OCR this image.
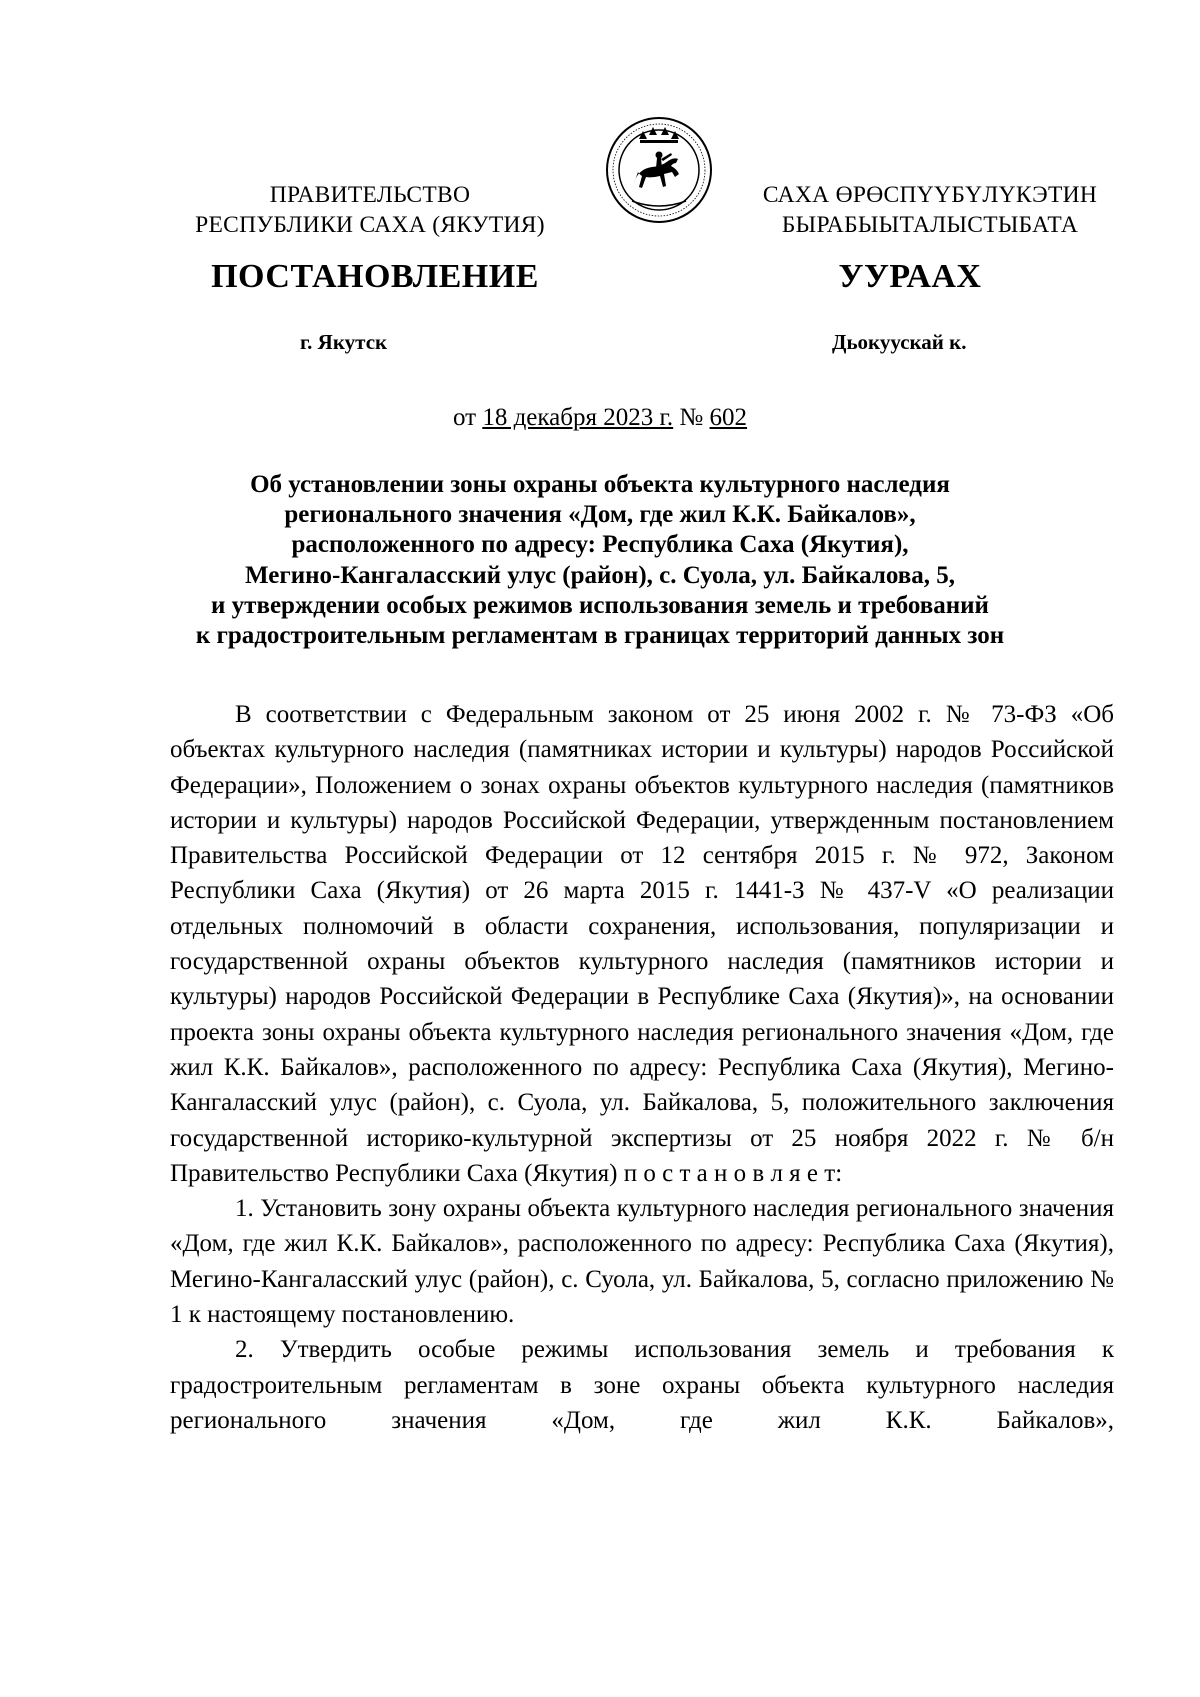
ПРАВИТЕЛЬСТВО
РЕСПУБЛИКИ САХА (ЯКУТИЯ)
САХА ӨРӨСПҮҮБҮЛҮКЭТИН
БЫРАБЫЫТАЛЫСТЫБАТА
ПОСТАНОВЛЕНИЕ	УУРААХ
г. Якутск	Дьокуускай к.
от 18 декабря 2023 г. № 602
Об установлении зоны охраны объекта культурного наследия
регионального значения «Дом, где жил К.К. Байкалов»,
расположенного по адресу: Республика Саха (Якутия),
Мегино-Кангаласский улус (район), с. Суола, ул. Байкалова, 5,
и утверждении особых режимов использования земель и требований
к градостроительным регламентам в границах территорий данных зон

В соответствии с Федеральным законом от 25 июня 2002 г. № 73-ФЗ «Об объектах культурного наследия (памятниках истории и культуры) народов Российской Федерации», Положением о зонах охраны объектов культурного наследия (памятников истории и культуры) народов Российской Федерации, утвержденным постановлением Правительства Российской Федерации от 12 сентября 2015 г. № 972, Законом Республики Саха (Якутия) от 26 марта 2015 г. 1441-З № 437-V «О реализации отдельных полномочий в области сохранения, использования, популяризации и государственной охраны объектов культурного наследия (памятников истории и культуры) народов Российской Федерации в Республике Саха (Якутия)», на основании проекта зоны охраны объекта культурного наследия регионального значения «Дом, где жил К.К. Байкалов», расположенного по адресу: Республика Саха (Якутия), Мегино-Кангаласский улус (район), с. Суола, ул. Байкалова, 5, положительного заключения государственной историко-культурной экспертизы от 25 ноября 2022 г. № б/н Правительство Республики Саха (Якутия) п о с т а н о в л я е т:

1. Установить зону охраны объекта культурного наследия регионального значения «Дом, где жил К.К. Байкалов», расположенного по адресу: Республика Саха (Якутия), Мегино-Кангаласский улус (район), с. Суола, ул. Байкалова, 5, согласно приложению № 1 к настоящему постановлению.

2. Утвердить особые режимы использования земель и требования к градостроительным регламентам в зоне охраны объекта культурного наследия регионального значения «Дом, где жил К.К. Байкалов»,
